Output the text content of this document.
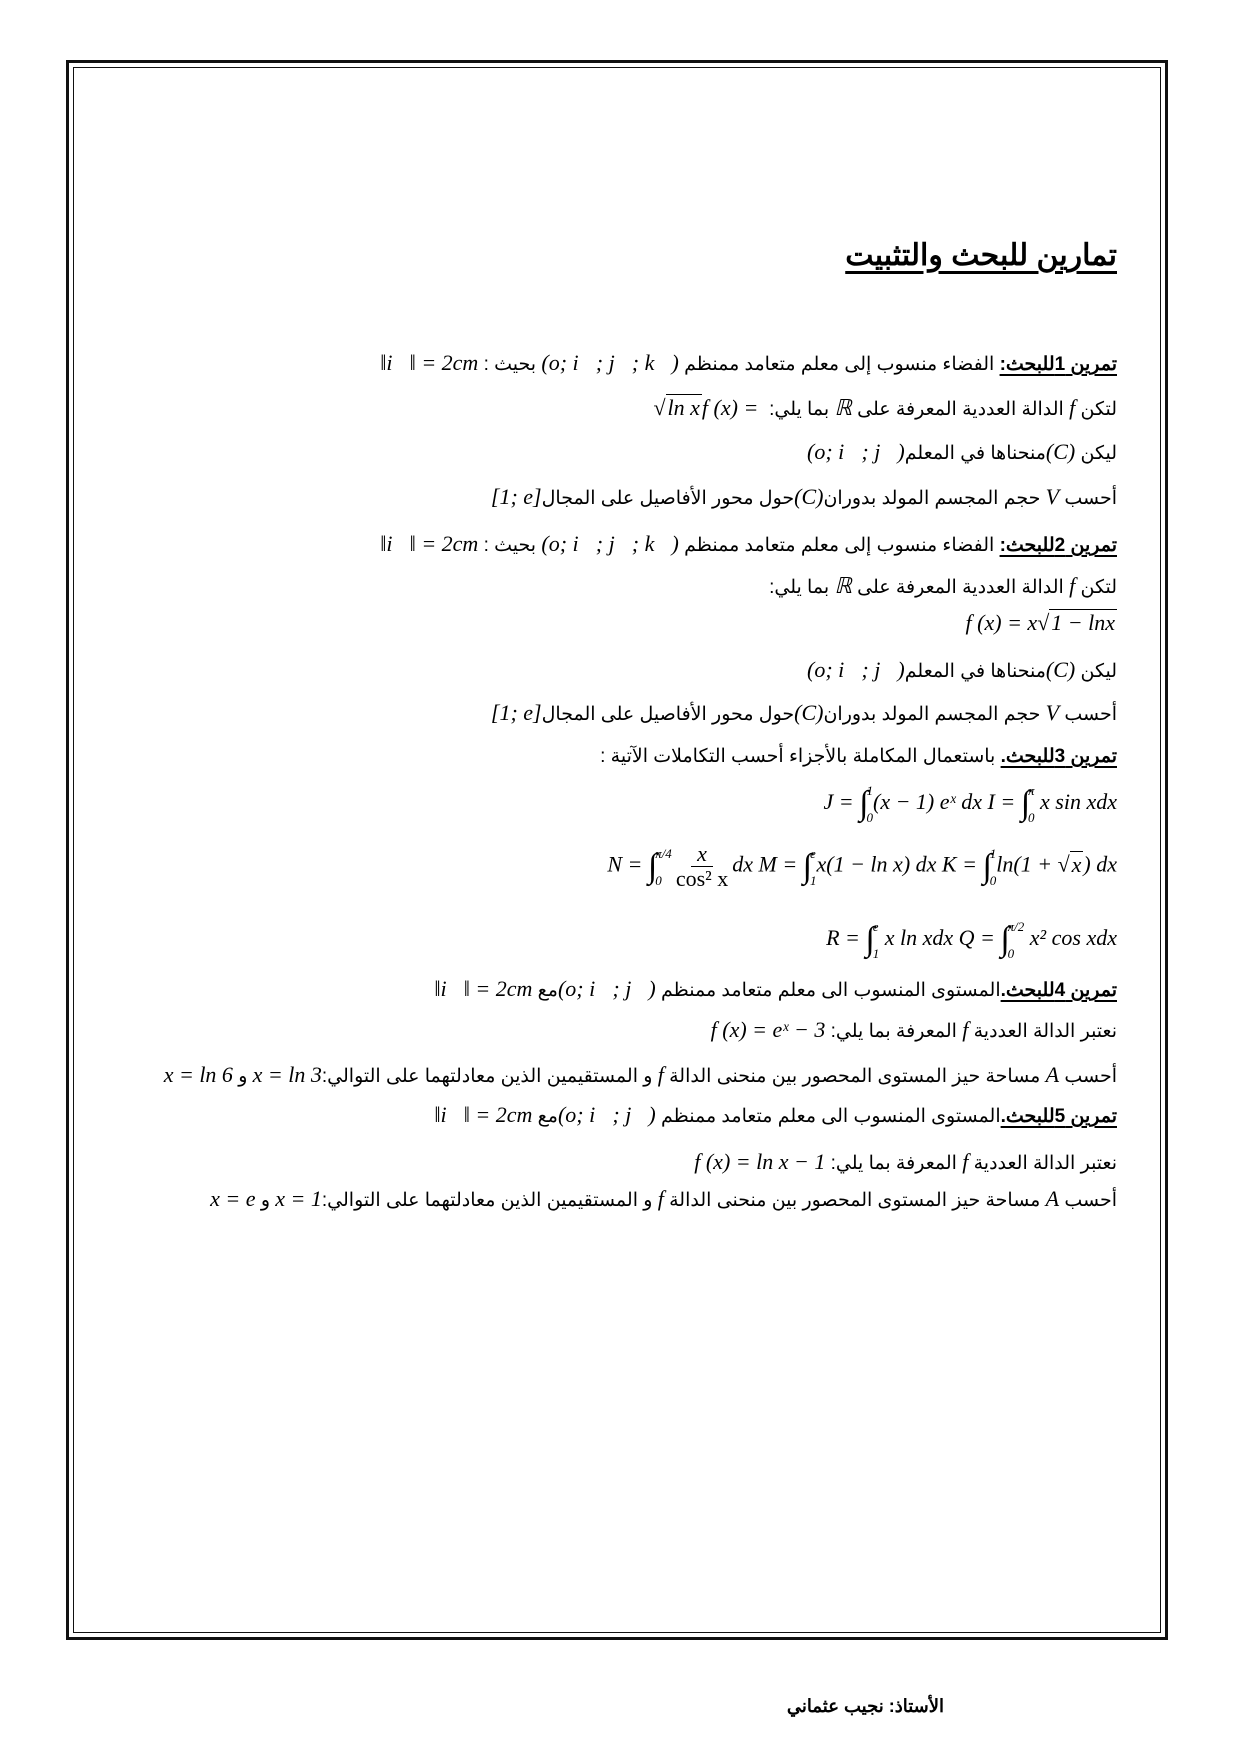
تمارين للبحث والتثبيت
تمرين 1للبحث: الفضاء منسوب إلى معلم متعامد ممنظم (o; i⃗; j⃗; k⃗) بحيث : ‖i⃗‖ = 2cm
لتكن f الدالة العددية المعرفة على ℝ بما يلي: f (x) = √ln x
ليكن (C)منحناها في المعلم(o; i⃗; j⃗)
أحسب V حجم المجسم المولد بدوران(C)حول محور الأفاصيل على المجال[1; e]
تمرين 2للبحث: الفضاء منسوب إلى معلم متعامد ممنظم (o; i⃗; j⃗; k⃗) بحيث : ‖i⃗‖ = 2cm
لتكن f الدالة العددية المعرفة على ℝ بما يلي:
f (x) = x√1 − lnx
ليكن (C)منحناها في المعلم(o; i⃗; j⃗)
أحسب V حجم المجسم المولد بدوران(C)حول محور الأفاصيل على المجال[1; e]
تمرين 3للبحث. باستعمال المكاملة بالأجزاء أحسب التكاملات الآتية :
J = ∫
1
0
(x − 1) eˣ dx I = ∫
π
0
x sin xdx
N = ∫
π/4
$0 \frac{x}{\text{cos² x}}$ dx M = ∫
e
1
x(1 − ln x) dx K = ∫
1
0
ln(1 + √x) dx
R = ∫
e
1
x ln xdx Q = ∫
π/2
0
x² cos xdx
تمرين 4للبحث.المستوى المنسوب الى معلم متعامد ممنظم (o; i⃗; j⃗)مع ‖i⃗‖ = 2cm
نعتبر الدالة العددية f المعرفة بما يلي: f (x) = eˣ − 3
أحسب A مساحة حيز المستوى المحصور بين منحنى الدالة f و المستقيمين الذين معادلتهما على التوالي:x = ln 3 و x = ln 6
تمرين 5للبحث.المستوى المنسوب الى معلم متعامد ممنظم (o; i⃗; j⃗)مع ‖i⃗‖ = 2cm
نعتبر الدالة العددية f المعرفة بما يلي: f (x) = ln x − 1
أحسب A مساحة حيز المستوى المحصور بين منحنى الدالة f و المستقيمين الذين معادلتهما على التوالي:x = 1 و x = e
الأستاذ: نجيب عثماني
